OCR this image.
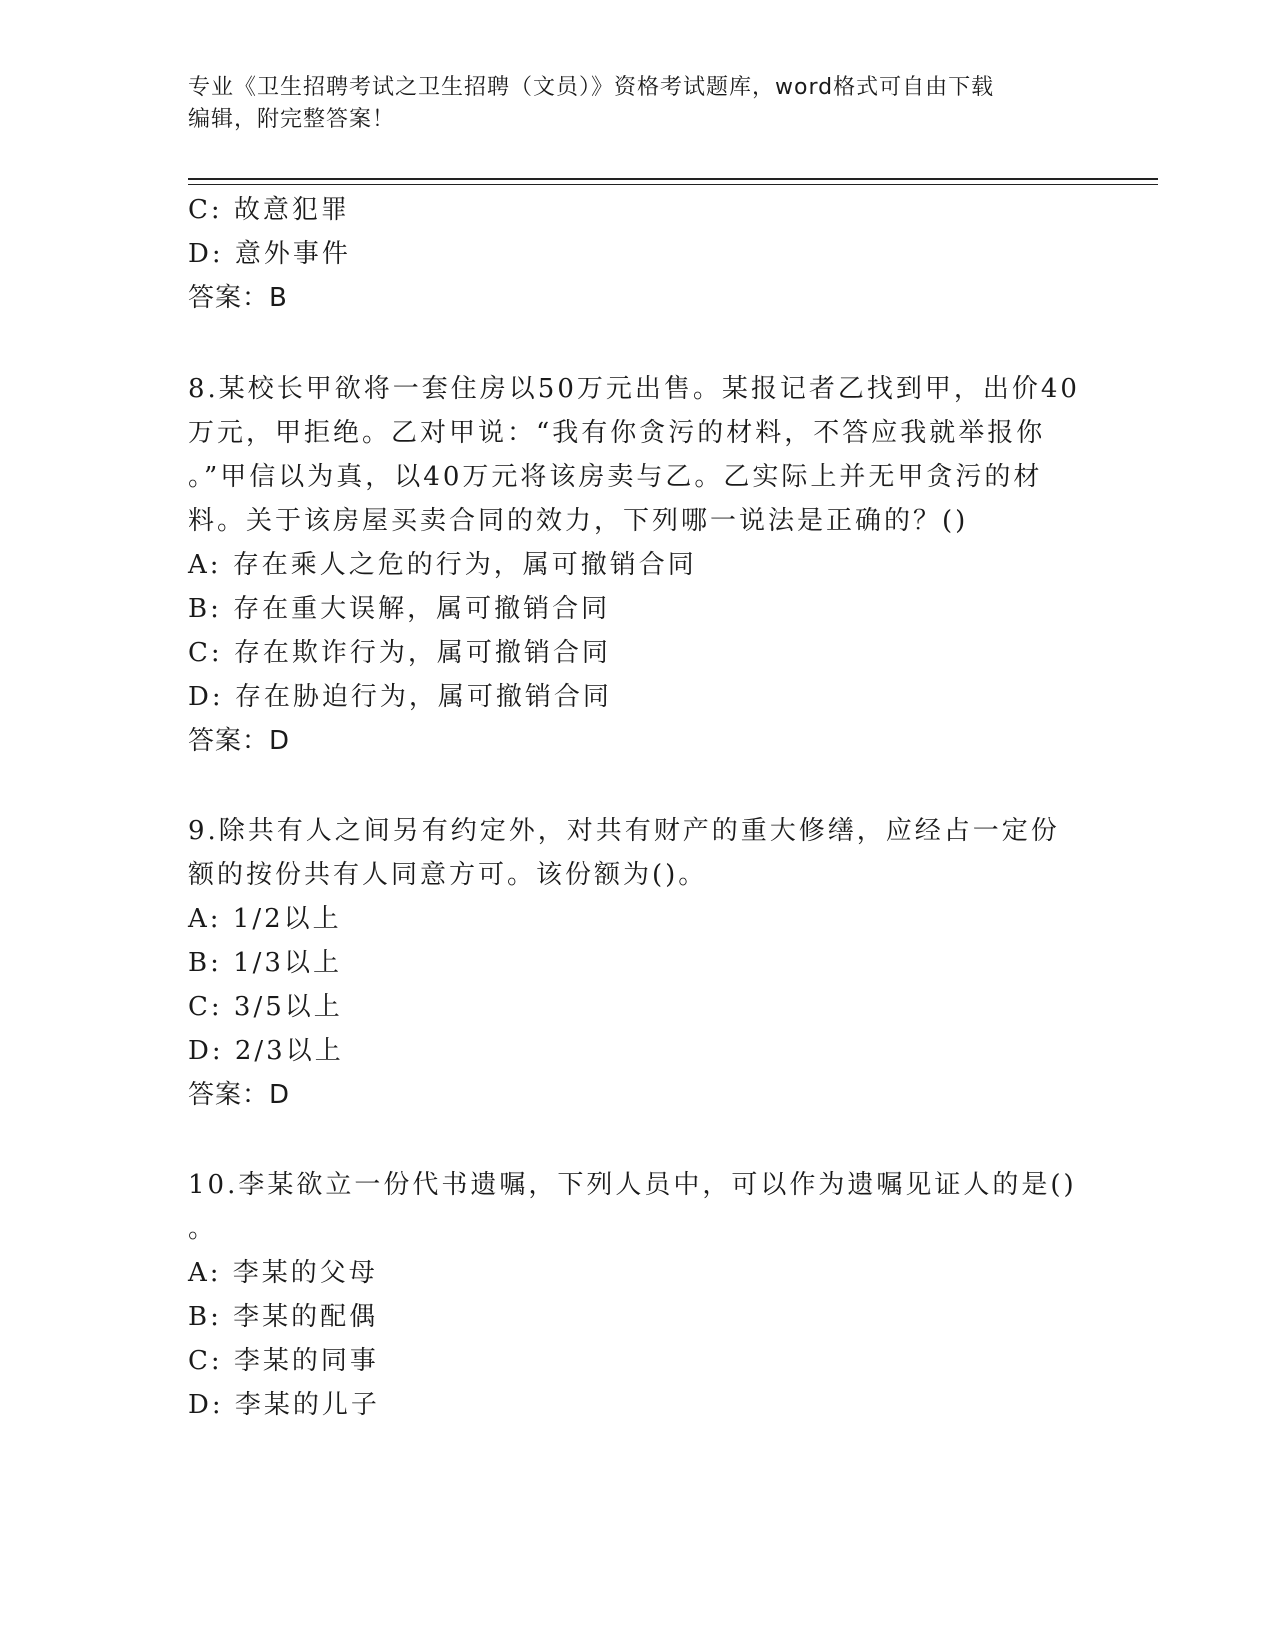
专业《卫生招聘考试之卫生招聘（文员）》资格考试题库，word格式可自由下载
编辑，附完整答案！
C: 故意犯罪
D: 意外事件
答案：B
8.某校长甲欲将一套住房以50万元出售。某报记者乙找到甲，出价40
万元，甲拒绝。乙对甲说：“我有你贪污的材料，不答应我就举报你
。”甲信以为真，以40万元将该房卖与乙。乙实际上并无甲贪污的材
料。关于该房屋买卖合同的效力，下列哪一说法是正确的？()
A: 存在乘人之危的行为，属可撤销合同
B: 存在重大误解，属可撤销合同
C: 存在欺诈行为，属可撤销合同
D: 存在胁迫行为，属可撤销合同
答案：D
9.除共有人之间另有约定外，对共有财产的重大修缮，应经占一定份
额的按份共有人同意方可。该份额为()。
A: 1/2以上
B: 1/3以上
C: 3/5以上
D: 2/3以上
答案：D
10.李某欲立一份代书遗嘱，下列人员中，可以作为遗嘱见证人的是()
。
A: 李某的父母
B: 李某的配偶
C: 李某的同事
D: 李某的儿子
